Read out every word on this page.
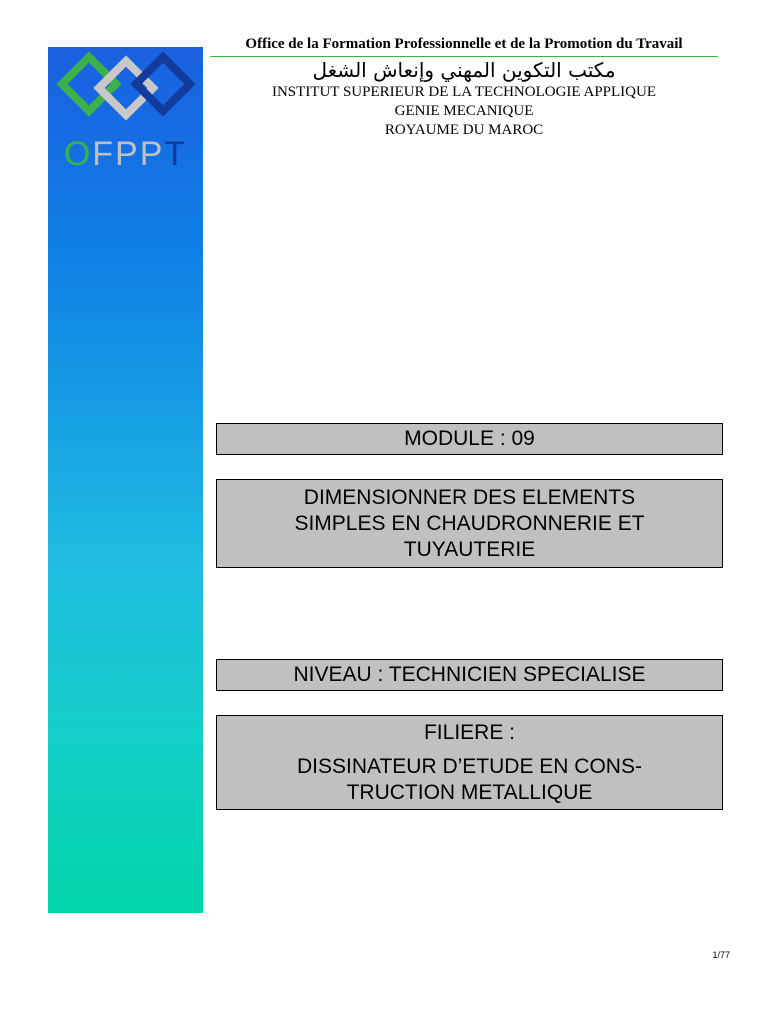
OFPPT
Office de la Formation Professionnelle et de la Promotion du Travail
مكتب التكوين المهني وإنعاش الشغل
INSTITUT SUPERIEUR DE LA TECHNOLOGIE APPLIQUE
GENIE MECANIQUE
ROYAUME DU MAROC
MODULE : 09
DIMENSIONNER DES ELEMENTS
SIMPLES EN CHAUDRONNERIE ET
TUYAUTERIE
NIVEAU : TECHNICIEN SPECIALISE
FILIERE :
DISSINATEUR D’ETUDE EN CONS-
TRUCTION METALLIQUE
1/77
